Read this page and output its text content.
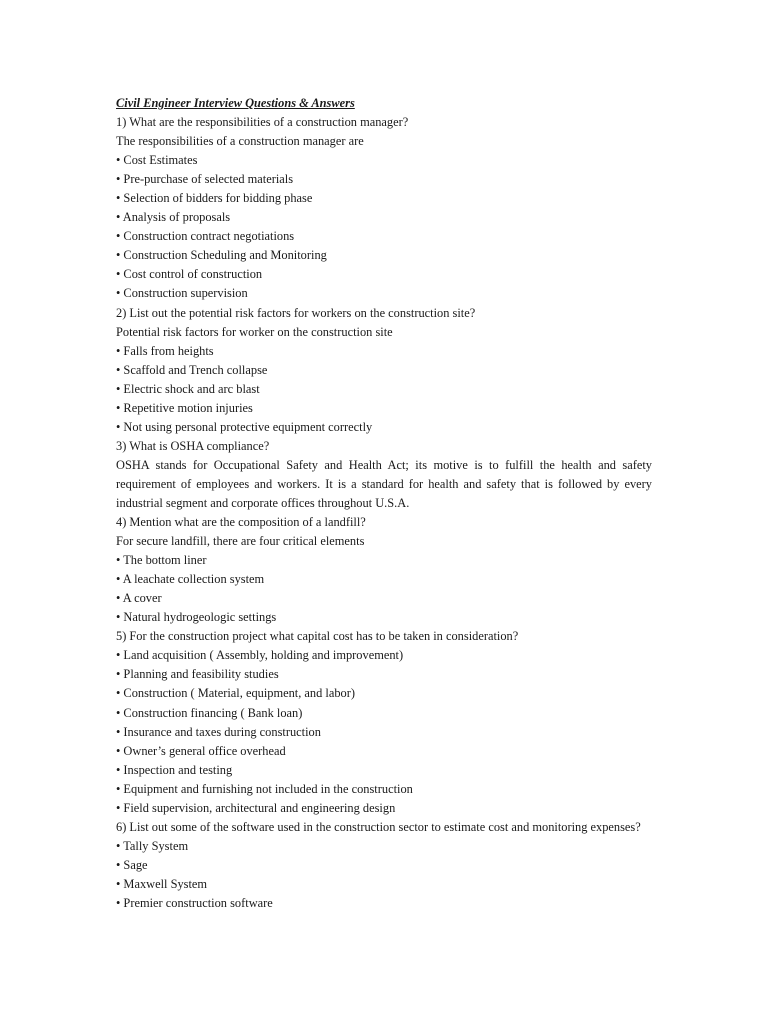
Civil Engineer Interview Questions & Answers

1) What are the responsibilities of a construction manager?

The responsibilities of a construction manager are

• Cost Estimates

• Pre-purchase of selected materials

• Selection of bidders for bidding phase

• Analysis of proposals

• Construction contract negotiations

• Construction Scheduling and Monitoring

• Cost control of construction

• Construction supervision

2) List out the potential risk factors for workers on the construction site?

Potential risk factors for worker on the construction site

• Falls from heights

• Scaffold and Trench collapse

• Electric shock and arc blast

• Repetitive motion injuries

• Not using personal protective equipment correctly

3) What is OSHA compliance?

OSHA stands for Occupational Safety and Health Act; its motive is to fulfill the health and safety requirement of employees and workers. It is a standard for health and safety that is followed by every industrial segment and corporate offices throughout U.S.A.

4) Mention what are the composition of a landfill?

For secure landfill, there are four critical elements

• The bottom liner

• A leachate collection system

• A cover

• Natural hydrogeologic settings

5) For the construction project what capital cost has to be taken in consideration?

• Land acquisition ( Assembly, holding and improvement)

• Planning and feasibility studies

• Construction ( Material, equipment, and labor)

• Construction financing ( Bank loan)

• Insurance and taxes during construction

• Owner’s general office overhead

• Inspection and testing

• Equipment and furnishing not included in the construction

• Field supervision, architectural and engineering design

6) List out some of the software used in the construction sector to estimate cost and monitoring expenses?

• Tally System

• Sage

• Maxwell System

• Premier construction software
